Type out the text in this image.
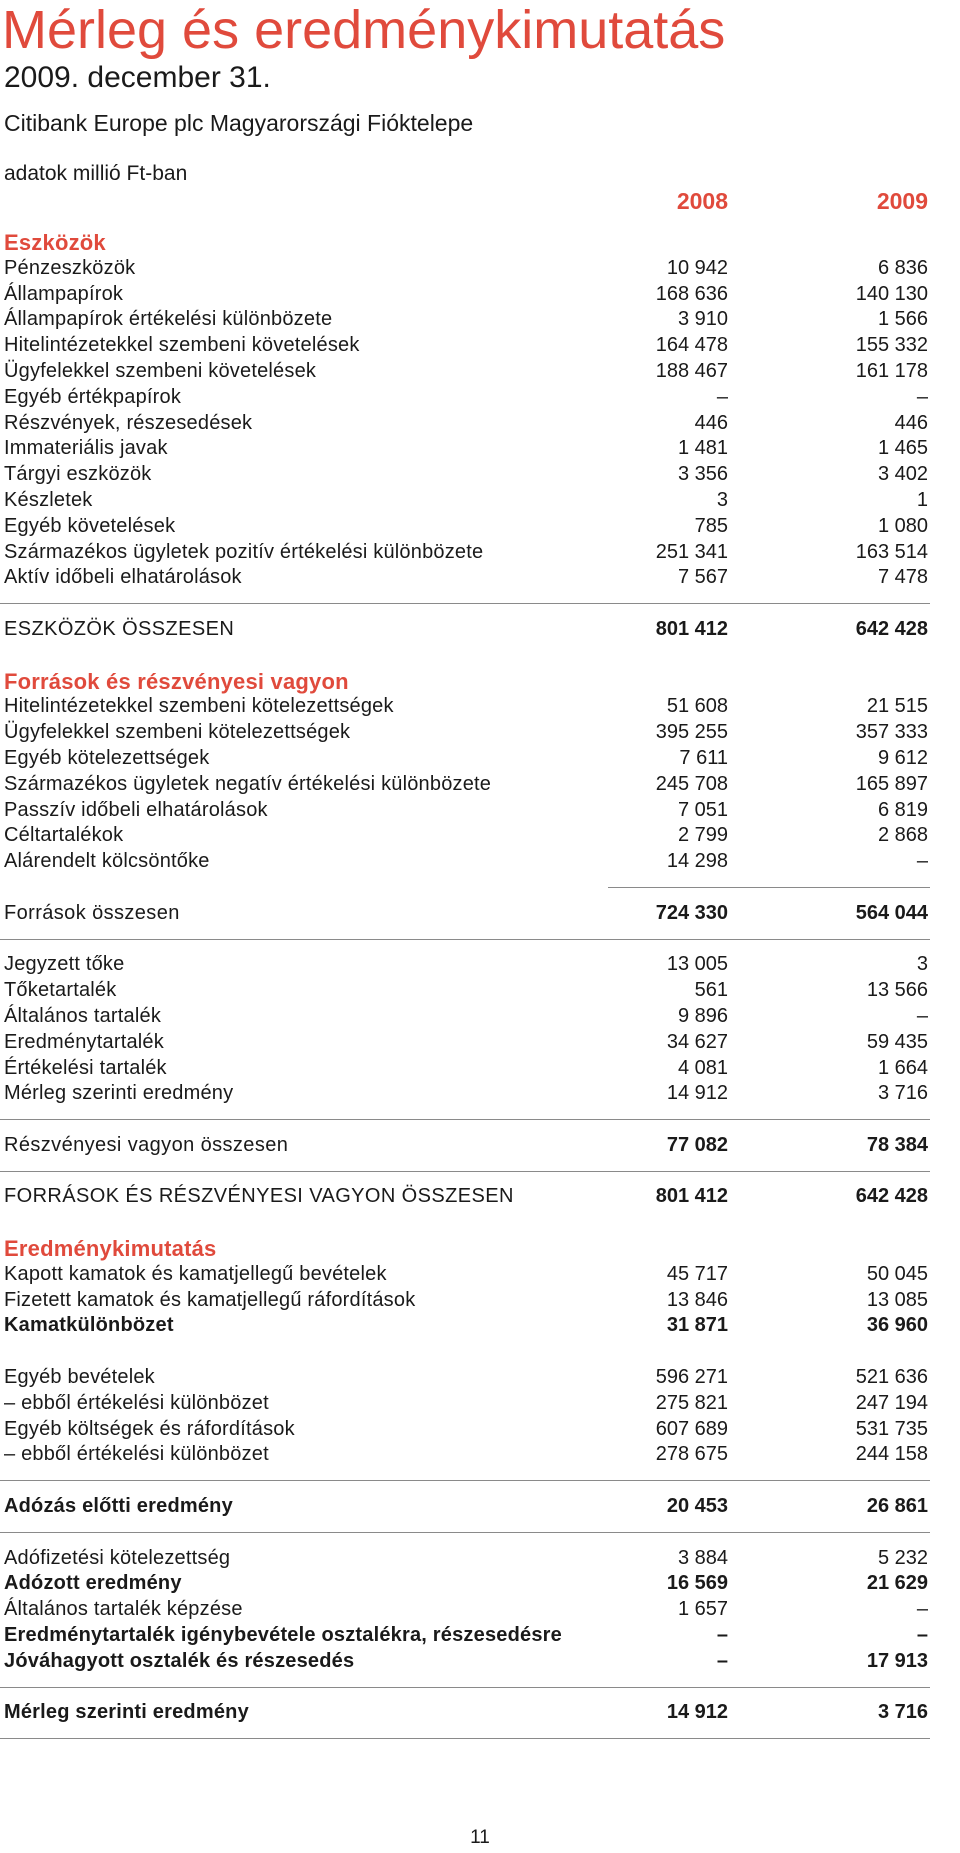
Mérleg és eredménykimutatás
2009. december 31.
Citibank Europe plc Magyarországi Fióktelepe
adatok millió Ft-ban
2008	2009
Eszközök
Pénzeszközök	10 942	6 836
Állampapírok	168 636	140 130
Állampapírok értékelési különbözete	3 910	1 566
Hitelintézetekkel szembeni követelések	164 478	155 332
Ügyfelekkel szembeni követelések	188 467	161 178
Egyéb értékpapírok	–	–
Részvények, részesedések	446	446
Immateriális javak	1 481	1 465
Tárgyi eszközök	3 356	3 402
Készletek	3	1
Egyéb követelések	785	1 080
Származékos ügyletek pozitív értékelési különbözete	251 341	163 514
Aktív időbeli elhatárolások	7 567	7 478
ESZKÖZÖK ÖSSZESEN	801 412	642 428
Források és részvényesi vagyon
Hitelintézetekkel szembeni kötelezettségek	51 608	21 515
Ügyfelekkel szembeni kötelezettségek	395 255	357 333
Egyéb kötelezettségek	7 611	9 612
Származékos ügyletek negatív értékelési különbözete	245 708	165 897
Passzív időbeli elhatárolások	7 051	6 819
Céltartalékok	2 799	2 868
Alárendelt kölcsöntőke	14 298	–
Források összesen	724 330	564 044
Jegyzett tőke	13 005	3
Tőketartalék	561	13 566
Általános tartalék	9 896	–
Eredménytartalék	34 627	59 435
Értékelési tartalék	4 081	1 664
Mérleg szerinti eredmény	14 912	3 716
Részvényesi vagyon összesen	77 082	78 384
FORRÁSOK ÉS RÉSZVÉNYESI VAGYON ÖSSZESEN	801 412	642 428
Eredménykimutatás
Kapott kamatok és kamatjellegű bevételek	45 717	50 045
Fizetett kamatok és kamatjellegű ráfordítások	13 846	13 085
Kamatkülönbözet	31 871	36 960
Egyéb bevételek	596 271	521 636
– ebből értékelési különbözet	275 821	247 194
Egyéb költségek és ráfordítások	607 689	531 735
– ebből értékelési különbözet	278 675	244 158
Adózás előtti eredmény	20 453	26 861
Adófizetési kötelezettség	3 884	5 232
Adózott eredmény	16 569	21 629
Általános tartalék képzése	1 657	–
Eredménytartalék igénybevétele osztalékra, részesedésre	–	–
Jóváhagyott osztalék és részesedés	–	17 913
Mérleg szerinti eredmény	14 912	3 716
11
